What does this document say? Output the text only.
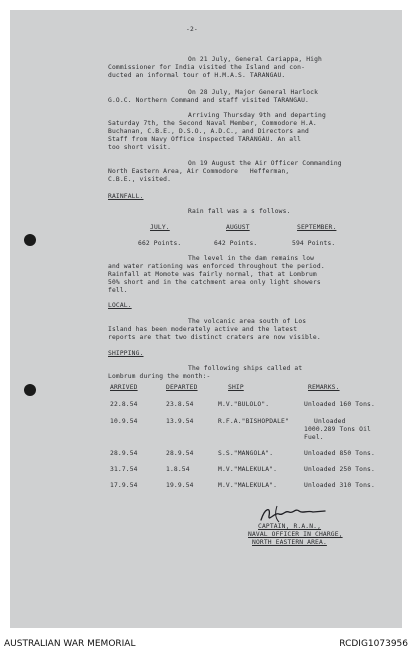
-2-
On 21 July, General Cariappa, High
Commissioner for India visited the Island and con-
ducted an informal tour of H.M.A.S. TARANGAU.
On 28 July, Major General Harlock
G.O.C. Northern Command and staff visited TARANGAU.
Arriving Thursday 9th and departing
Saturday 7th, the Second Naval Member, Commodore H.A.
Buchanan, C.B.E., D.S.O., A.D.C., and Directors and
Staff from Navy Office inspected TARANGAU. An all
too short visit.
On 19 August the Air Officer Commanding
North Eastern Area, Air Commodore   Hefferman,
C.B.E., visited.
RAINFALL.
Rain fall was a s follows.
JULY.	AUGUST	SEPTEMBER.
662 Points.	642 Points.	594 Points.
The level in the dam remains low
and water rationing was enforced throughout the period.
Rainfall at Momote was fairly normal, that at Lombrum
50% short and in the catchment area only light showers
fell.
LOCAL.
The volcanic area south of Los
Island has been moderately active and the latest
reports are that two distinct craters are now visible.
SHIPPING.
The following ships called at
Lombrum during the month:-
ARRIVED	DEPARTED	SHIP	REMARKS.
22.8.54	23.8.54	M.V."BULOLO".	Unloaded 160 Tons.
10.9.54	13.9.54	R.F.A."BISHOPDALE"	Unloaded
1000.289 Tons Oil
Fuel.
28.9.54	28.9.54	S.S."MANGOLA".	Unloaded 850 Tons.
31.7.54	1.8.54	M.V."MALEKULA".	Unloaded 250 Tons.
17.9.54	19.9.54	M.V."MALEKULA".	Unloaded 310 Tons.
CAPTAIN, R.A.N.,
NAVAL OFFICER IN CHARGE,
NORTH EASTERN AREA.
AUSTRALIAN WAR MEMORIAL	RCDIG1073956
